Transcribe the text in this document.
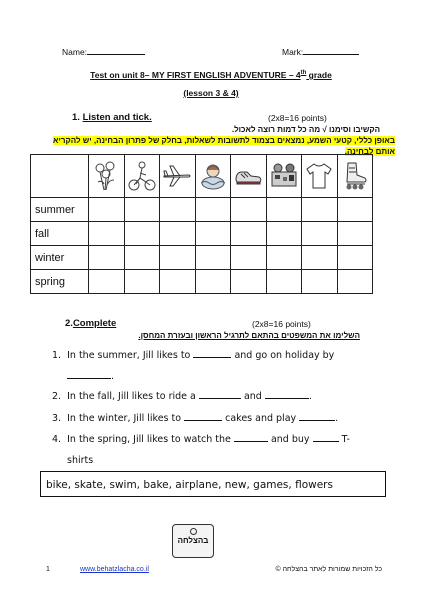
Name:	Mark:
Test on unit 8– MY FIRST ENGLISH ADVENTURE – 4th grade
(lesson 3 & 4)
1. Listen and tick.	(2x8=16 points)
הקשיבו וסימנו √ מה כל דמות רוצה לאכול.
באופן כללי, קטעי השמע, נמצאים בצמוד לתשובות לשאלות, בחלק של פתרון הבחינה, יש להקריא אותם לבחינה.

summer								
fall								
winter								
spring								
2.Complete	(2x8=16 points)
השלימו את המשפטים בהתאם לתרגיל הראשון ובעזרת המחסן.
1.  In the summer, Jill likes to	and go on holiday by
.
2.  In the fall, Jill likes to ride a	and	.
3.  In the winter, Jill likes to	cakes and play	.
4.  In the spring, Jill likes to watch the	and buy	T-
shirts
bike, skate, swim, bake, airplane, new, games, flowers
בהצלחה
1	www.behatzlacha.co.il	כל הזכויות שמורות לאתר בהצלחה ©
